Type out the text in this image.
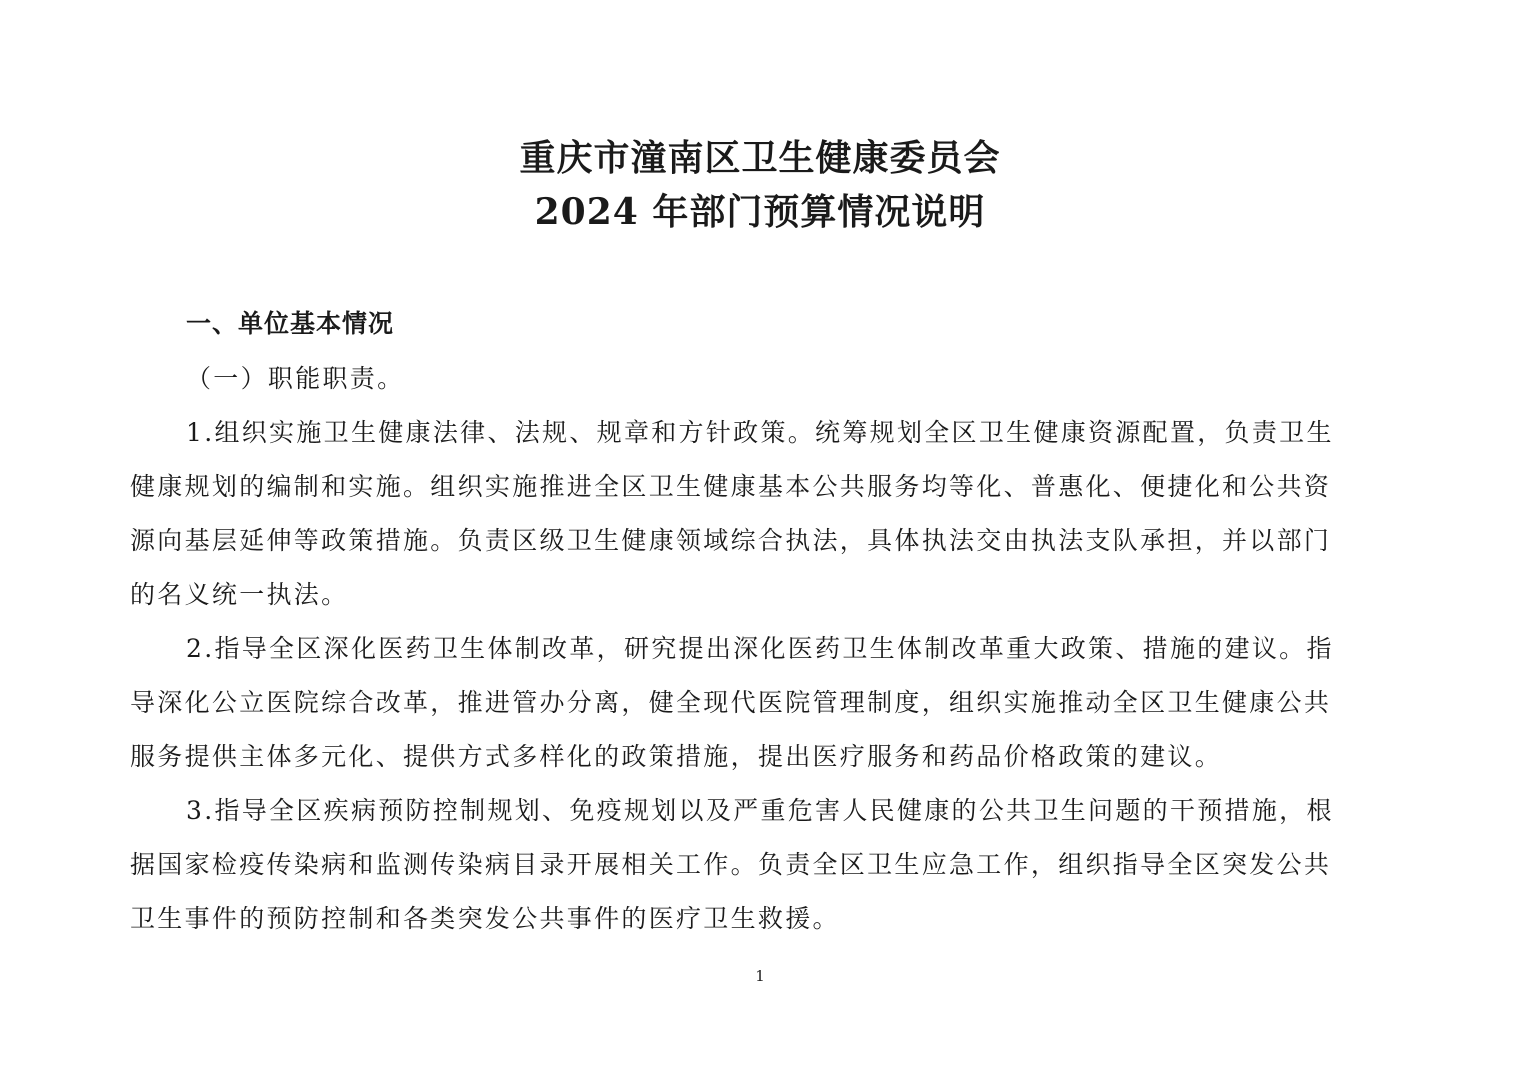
重庆市潼南区卫生健康委员会
2024 年部门预算情况说明
一、单位基本情况
（一）职能职责。
1.组织实施卫生健康法律、法规、规章和方针政策。统筹规划全区卫生健康资源配置，负责卫生
健康规划的编制和实施。组织实施推进全区卫生健康基本公共服务均等化、普惠化、便捷化和公共资
源向基层延伸等政策措施。负责区级卫生健康领域综合执法，具体执法交由执法支队承担，并以部门
的名义统一执法。
2.指导全区深化医药卫生体制改革，研究提出深化医药卫生体制改革重大政策、措施的建议。指
导深化公立医院综合改革，推进管办分离，健全现代医院管理制度，组织实施推动全区卫生健康公共
服务提供主体多元化、提供方式多样化的政策措施，提出医疗服务和药品价格政策的建议。
3.指导全区疾病预防控制规划、免疫规划以及严重危害人民健康的公共卫生问题的干预措施，根
据国家检疫传染病和监测传染病目录开展相关工作。负责全区卫生应急工作，组织指导全区突发公共
卫生事件的预防控制和各类突发公共事件的医疗卫生救援。
1
